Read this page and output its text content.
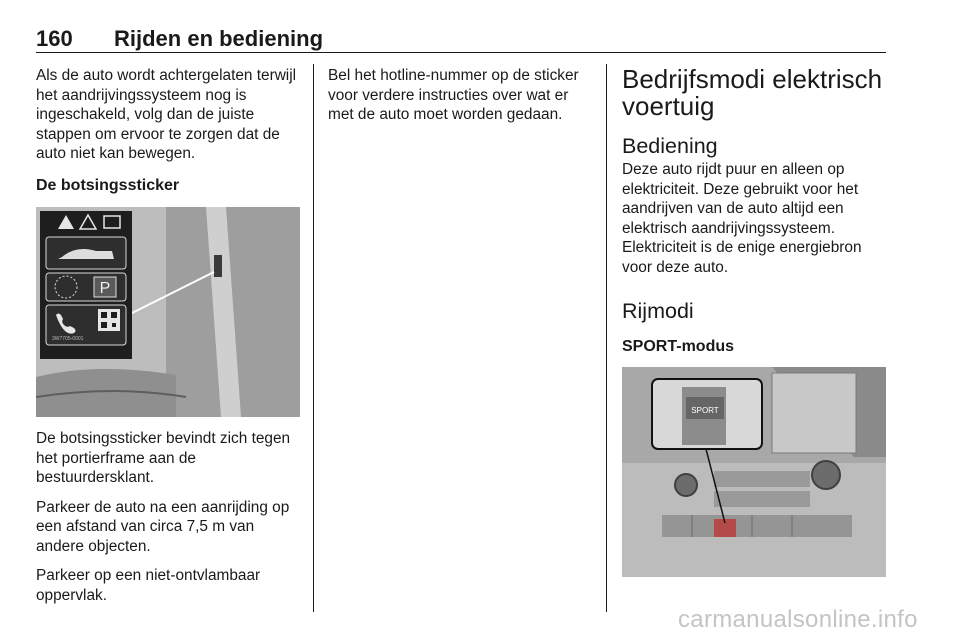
160 Rijden en bediening

Als de auto wordt achtergelaten terwijl het aandrijvingssysteem nog is ingeschakeld, volg dan de juiste stappen om ervoor te zorgen dat de auto niet kan bewegen.

De botsingssticker
P
3W7705-0001

De botsingssticker bevindt zich tegen het portierframe aan de bestuurdersklant.

Parkeer de auto na een aanrijding op een afstand van circa 7,5 m van andere objecten.

Parkeer op een niet-ontvlambaar oppervlak.

Bel het hotline-nummer op de sticker voor verdere instructies over wat er met de auto moet worden gedaan.

Bedrijfsmodi elektrisch voertuig
Bediening

Deze auto rijdt puur en alleen op elektriciteit. Deze gebruikt voor het aandrijven van de auto altijd een elektrisch aandrijvingssysteem. Elektriciteit is de enige energiebron voor deze auto.

Rijmodi
SPORT-modus
SPORT
carmanualsonline.info
